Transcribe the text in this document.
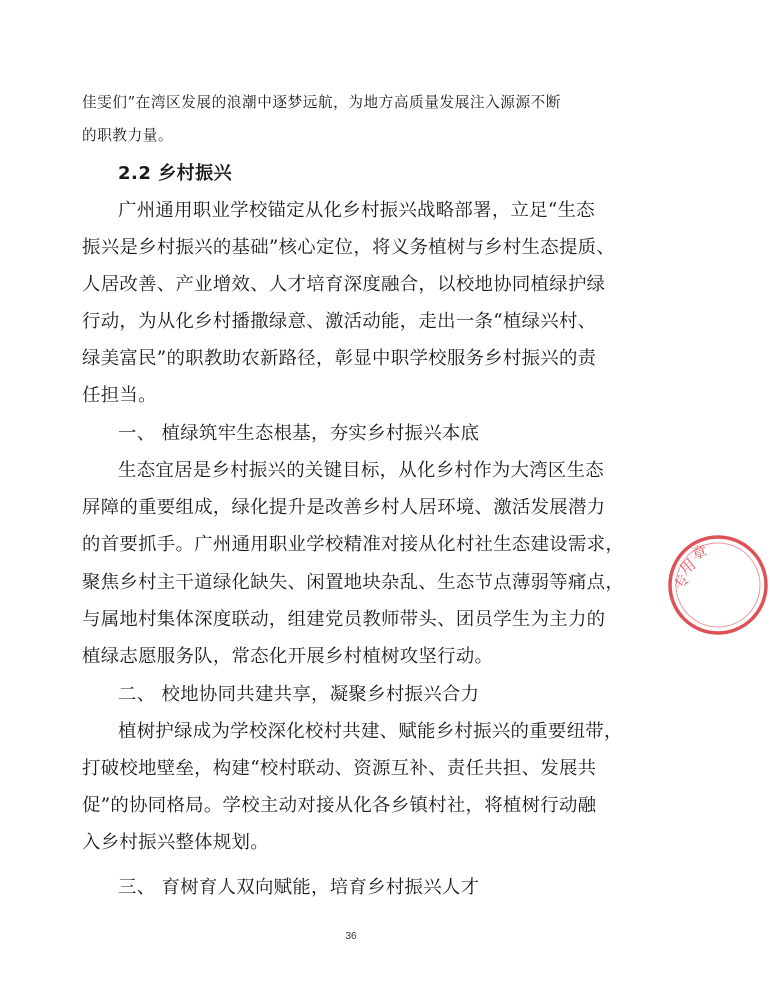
佳雯们”在湾区发展的浪潮中逐梦远航，为地方高质量发展注入源源不断
的职教力量。
2.2 乡村振兴
广州通用职业学校锚定从化乡村振兴战略部署，立足“生态
振兴是乡村振兴的基础”核心定位，将义务植树与乡村生态提质、
人居改善、产业增效、人才培育深度融合，以校地协同植绿护绿
行动，为从化乡村播撒绿意、激活动能，走出一条“植绿兴村、
绿美富民”的职教助农新路径，彰显中职学校服务乡村振兴的责
任担当。
一、 植绿筑牢生态根基，夯实乡村振兴本底
生态宜居是乡村振兴的关键目标，从化乡村作为大湾区生态
屏障的重要组成，绿化提升是改善乡村人居环境、激活发展潜力
的首要抓手。广州通用职业学校精准对接从化村社生态建设需求，
聚焦乡村主干道绿化缺失、闲置地块杂乱、生态节点薄弱等痛点，
与属地村集体深度联动，组建党员教师带头、团员学生为主力的
植绿志愿服务队，常态化开展乡村植树攻坚行动。
二、 校地协同共建共享，凝聚乡村振兴合力
植树护绿成为学校深化校村共建、赋能乡村振兴的重要纽带，
打破校地壁垒，构建“校村联动、资源互补、责任共担、发展共
促”的协同格局。学校主动对接从化各乡镇村社，将植树行动融
入乡村振兴整体规划。
三、 育树育人双向赋能，培育乡村振兴人才
36
专
用
章
